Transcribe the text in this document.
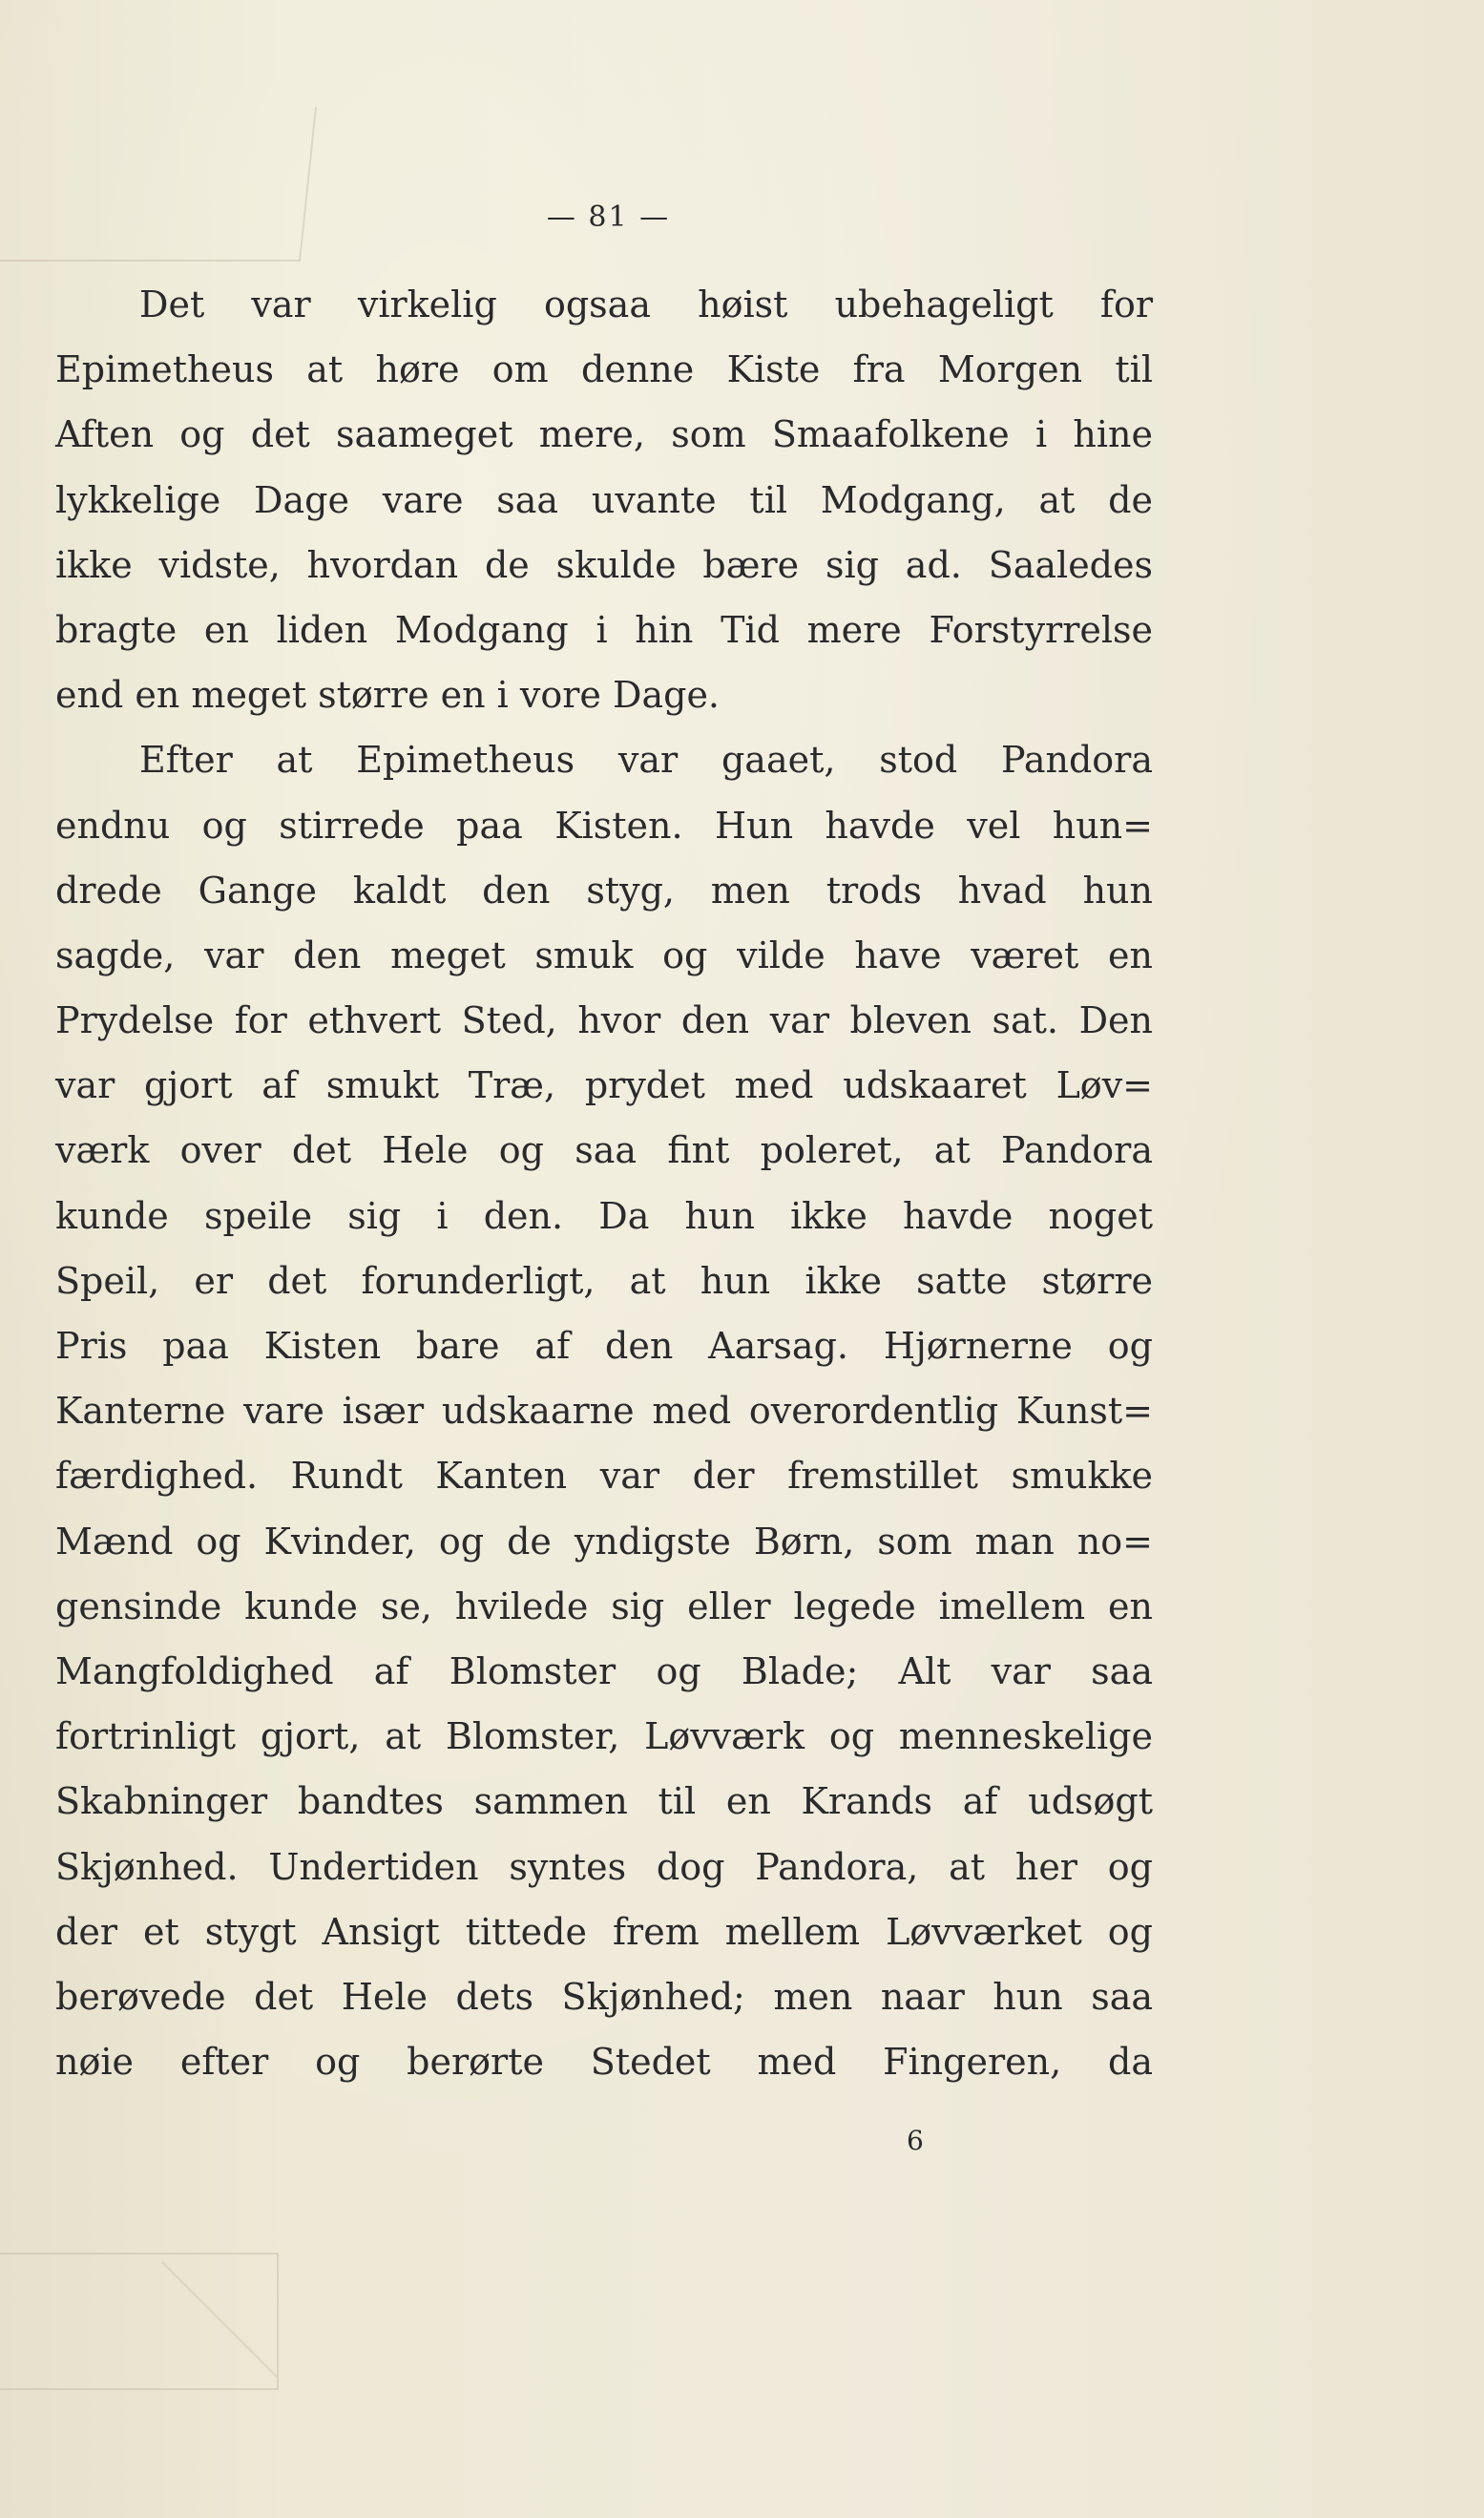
— 81 —
Det var virkelig ogsaa høist ubehageligt for
Epimetheus at høre om denne Kiste fra Morgen til
Aften og det saameget mere, som Smaafolkene i hine
lykkelige Dage vare saa uvante til Modgang, at de
ikke vidste, hvordan de skulde bære sig ad. Saaledes
bragte en liden Modgang i hin Tid mere Forstyrrelse
end en meget større en i vore Dage.
Efter at Epimetheus var gaaet, stod Pandora
endnu og stirrede paa Kisten. Hun havde vel hun=
drede Gange kaldt den styg, men trods hvad hun
sagde, var den meget smuk og vilde have været en
Prydelse for ethvert Sted, hvor den var bleven sat. Den
var gjort af smukt Træ, prydet med udskaaret Løv=
værk over det Hele og saa fint poleret, at Pandora
kunde speile sig i den. Da hun ikke havde noget
Speil, er det forunderligt, at hun ikke satte større
Pris paa Kisten bare af den Aarsag. Hjørnerne og
Kanterne vare især udskaarne med overordentlig Kunst=
færdighed. Rundt Kanten var der fremstillet smukke
Mænd og Kvinder, og de yndigste Børn, som man no=
gensinde kunde se, hvilede sig eller legede imellem en
Mangfoldighed af Blomster og Blade; Alt var saa
fortrinligt gjort, at Blomster, Løvværk og menneskelige
Skabninger bandtes sammen til en Krands af udsøgt
Skjønhed. Undertiden syntes dog Pandora, at her og
der et stygt Ansigt tittede frem mellem Løvværket og
berøvede det Hele dets Skjønhed; men naar hun saa
nøie efter og berørte Stedet med Fingeren, da
6
